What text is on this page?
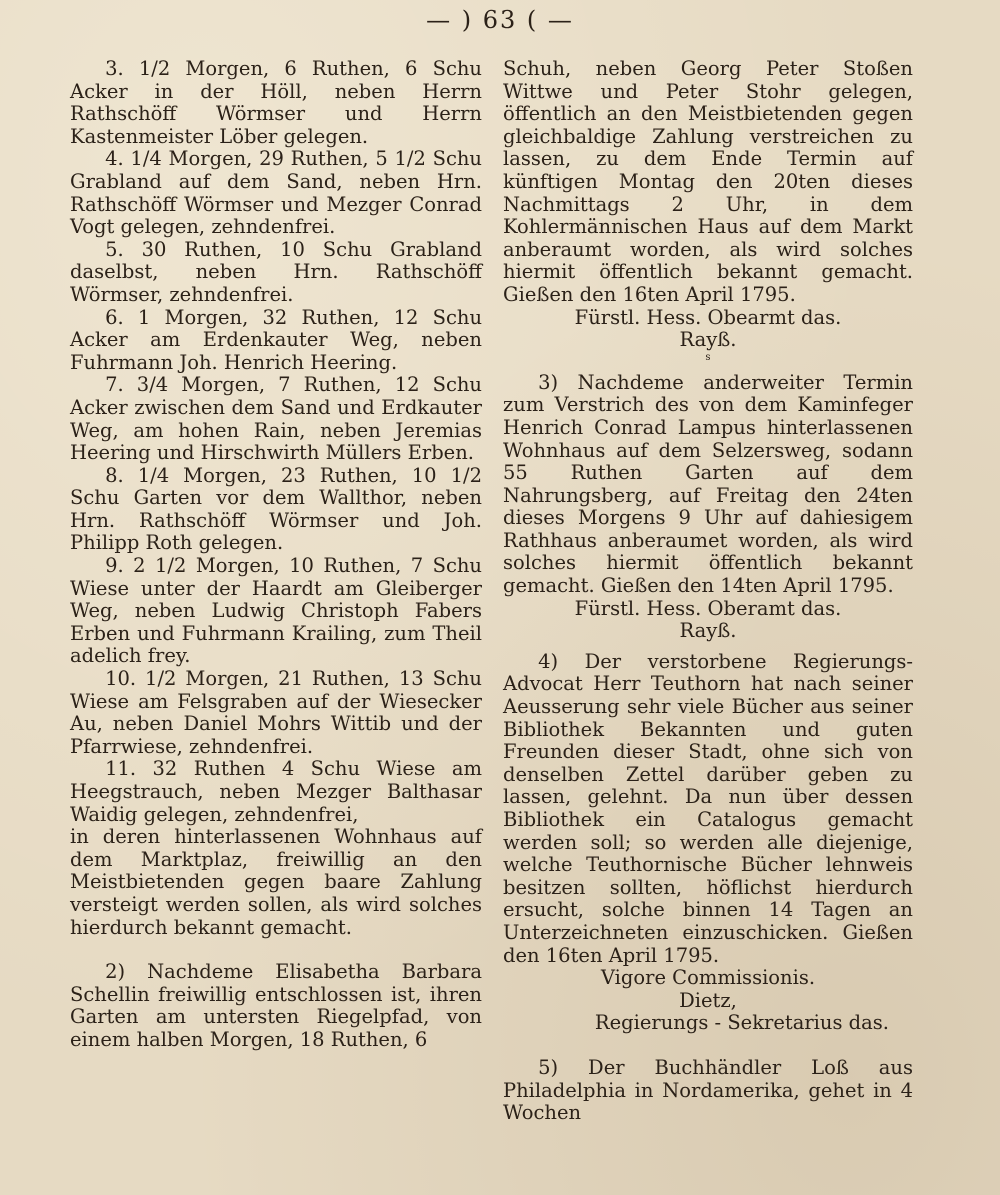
— ) 63 ( —

3. 1/2 Morgen, 6 Ruthen, 6 Schu Acker in der Höll, neben Herrn Rathschöff Wörmser und Herrn Kastenmeister Löber gelegen.

4. 1/4 Morgen, 29 Ruthen, 5 1/2 Schu Grabland auf dem Sand, neben Hrn. Rathschöff Wörmser und Mezger Conrad Vogt gelegen, zehndenfrei.

5. 30 Ruthen, 10 Schu Grabland daselbst, neben Hrn. Rathschöff Wörmser, zehndenfrei.

6. 1 Morgen, 32 Ruthen, 12 Schu Acker am Erdenkauter Weg, neben Fuhrmann Joh. Henrich Heering.

7. 3/4 Morgen, 7 Ruthen, 12 Schu Acker zwischen dem Sand und Erdkauter Weg, am hohen Rain, neben Jeremias Heering und Hirschwirth Müllers Erben.

8. 1/4 Morgen, 23 Ruthen, 10 1/2 Schu Garten vor dem Wallthor, neben Hrn. Rathschöff Wörmser und Joh. Philipp Roth gelegen.

9. 2 1/2 Morgen, 10 Ruthen, 7 Schu Wiese unter der Haardt am Gleiberger Weg, neben Ludwig Christoph Fabers Erben und Fuhrmann Krailing, zum Theil adelich frey.

10. 1/2 Morgen, 21 Ruthen, 13 Schu Wiese am Felsgraben auf der Wiesecker Au, neben Daniel Mohrs Wittib und der Pfarrwiese, zehndenfrei.

11. 32 Ruthen 4 Schu Wiese am Heegstrauch, neben Mezger Balthasar Waidig gelegen, zehndenfrei,

in deren hinterlassenen Wohnhaus auf dem Marktplaz, freiwillig an den Meistbietenden gegen baare Zahlung versteigt werden sollen, als wird solches hierdurch bekannt gemacht.

2) Nachdeme Elisabetha Barbara Schellin freiwillig entschlossen ist, ihren Garten am untersten Riegelpfad, von einem halben Morgen, 18 Ruthen, 6

Schuh, neben Georg Peter Stoßen Wittwe und Peter Stohr gelegen, öffentlich an den Meistbietenden gegen gleichbaldige Zahlung verstreichen zu lassen, zu dem Ende Termin auf künftigen Montag den 20ten dieses Nachmittags 2 Uhr, in dem Kohlermännischen Haus auf dem Markt anberaumt worden, als wird solches hiermit öffentlich bekannt gemacht. Gießen den 16ten April 1795.

Fürstl. Hess. Obearmt das.

Rayß.

s

3) Nachdeme anderweiter Termin zum Verstrich des von dem Kaminfeger Henrich Conrad Lampus hinterlassenen Wohnhaus auf dem Selzersweg, sodann 55 Ruthen Garten auf dem Nahrungsberg, auf Freitag den 24ten dieses Morgens 9 Uhr auf dahiesigem Rathhaus anberaumet worden, als wird solches hiermit öffentlich bekannt gemacht. Gießen den 14ten April 1795.

Fürstl. Hess. Oberamt das.

Rayß.

4) Der verstorbene Regierungs-Advocat Herr Teuthorn hat nach seiner Aeusserung sehr viele Bücher aus seiner Bibliothek Bekannten und guten Freunden dieser Stadt, ohne sich von denselben Zettel darüber geben zu lassen, gelehnt. Da nun über dessen Bibliothek ein Catalogus gemacht werden soll; so werden alle diejenige, welche Teuthornische Bücher lehnweis besitzen sollten, höflichst hierdurch ersucht, solche binnen 14 Tagen an Unterzeichneten einzuschicken. Gießen den 16ten April 1795.

Vigore Commissionis.

Dietz,

Regierungs - Sekretarius das.

5) Der Buchhändler Loß aus Philadelphia in Nordamerika, gehet in 4 Wochen
